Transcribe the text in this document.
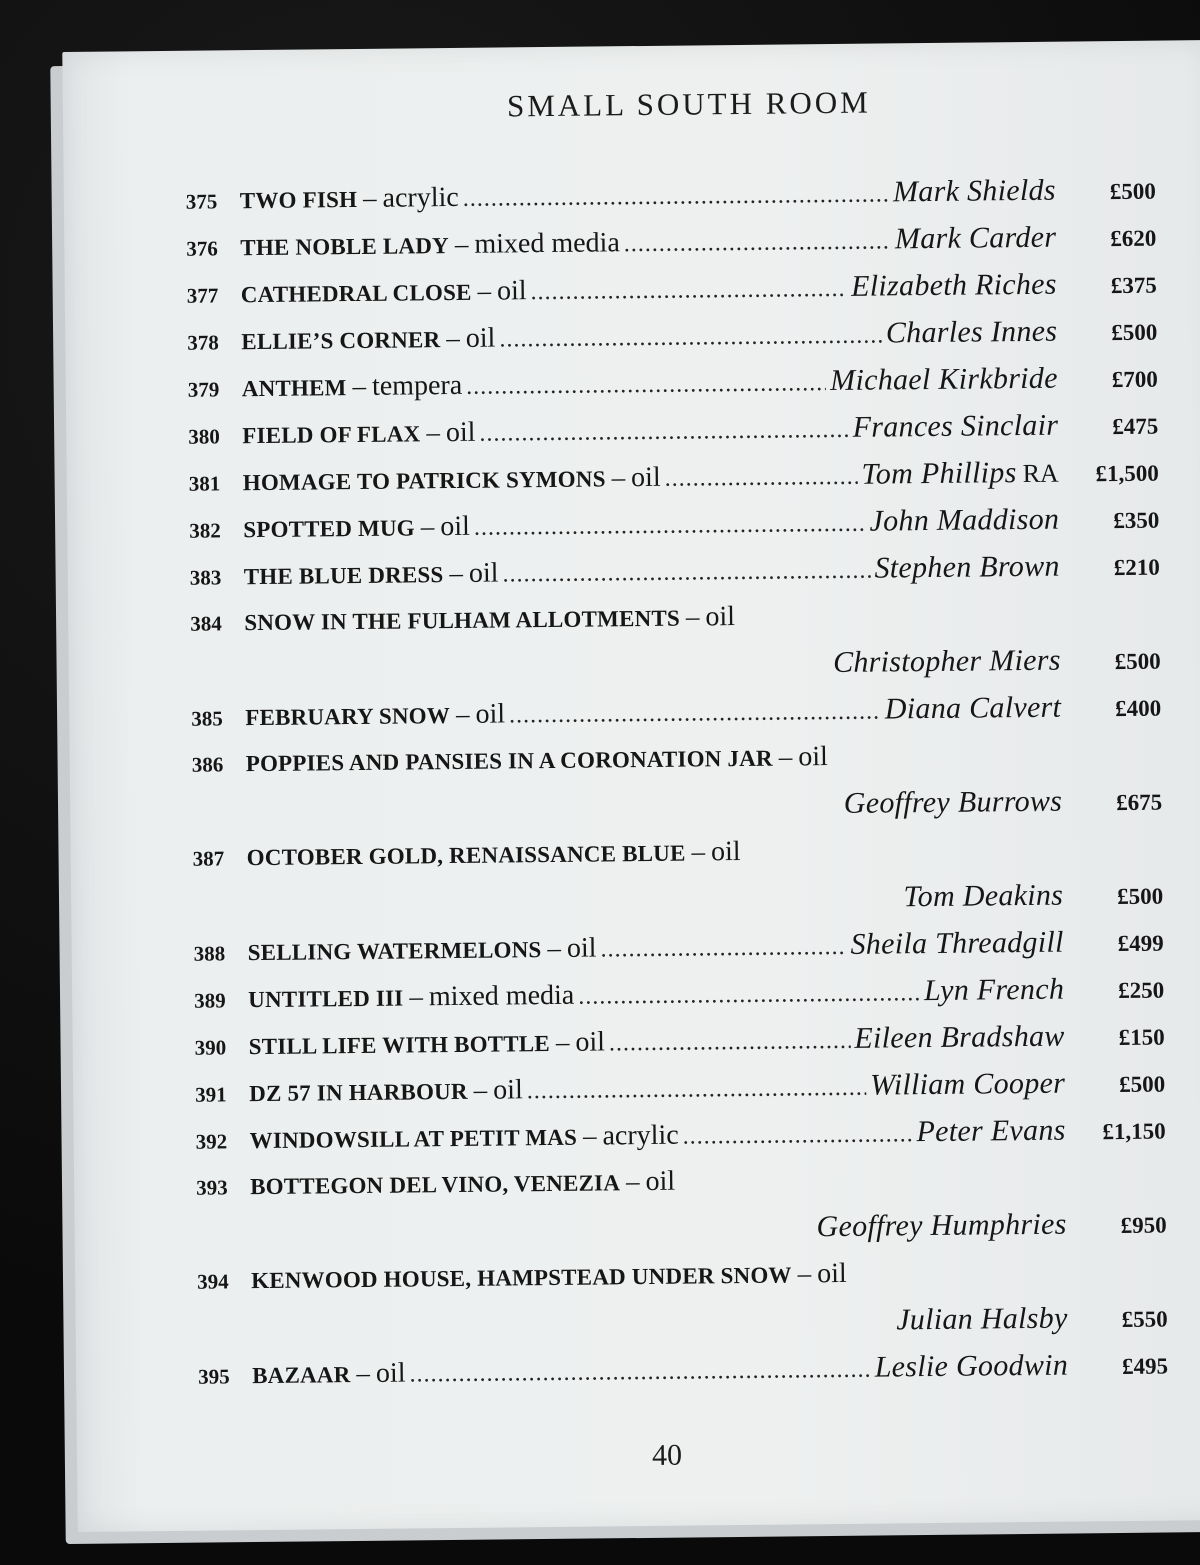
SMALL SOUTH ROOM
375 TWO FISH – acrylic .....	Mark Shields	£500
376 THE NOBLE LADY – mixed media .....	Mark Carder	£620
377 CATHEDRAL CLOSE – oil .....	Elizabeth Riches	£375
378 ELLIE’S CORNER – oil .....	Charles Innes	£500
379 ANTHEM – tempera .....	Michael Kirkbride	£700
380 FIELD OF FLAX – oil .....	Frances Sinclair	£475
381 HOMAGE TO PATRICK SYMONS – oil .....	Tom Phillips RA	£1,500
382 SPOTTED MUG – oil .....	John Maddison	£350
383 THE BLUE DRESS – oil .....	Stephen Brown	£210
384 SNOW IN THE FULHAM ALLOTMENTS – oil
Christopher Miers	£500
385 FEBRUARY SNOW – oil .....	Diana Calvert	£400
386 POPPIES AND PANSIES IN A CORONATION JAR – oil
Geoffrey Burrows	£675
387 OCTOBER GOLD, RENAISSANCE BLUE – oil
Tom Deakins	£500
388 SELLING WATERMELONS – oil .....	Sheila Threadgill	£499
389 UNTITLED III – mixed media .....	Lyn French	£250
390 STILL LIFE WITH BOTTLE – oil .....	Eileen Bradshaw	£150
391 DZ 57 IN HARBOUR – oil .....	William Cooper	£500
392 WINDOWSILL AT PETIT MAS – acrylic .....	Peter Evans	£1,150
393 BOTTEGON DEL VINO, VENEZIA – oil
Geoffrey Humphries	£950
394 KENWOOD HOUSE, HAMPSTEAD UNDER SNOW – oil
Julian Halsby	£550
395 BAZAAR – oil .....	Leslie Goodwin	£495
40
